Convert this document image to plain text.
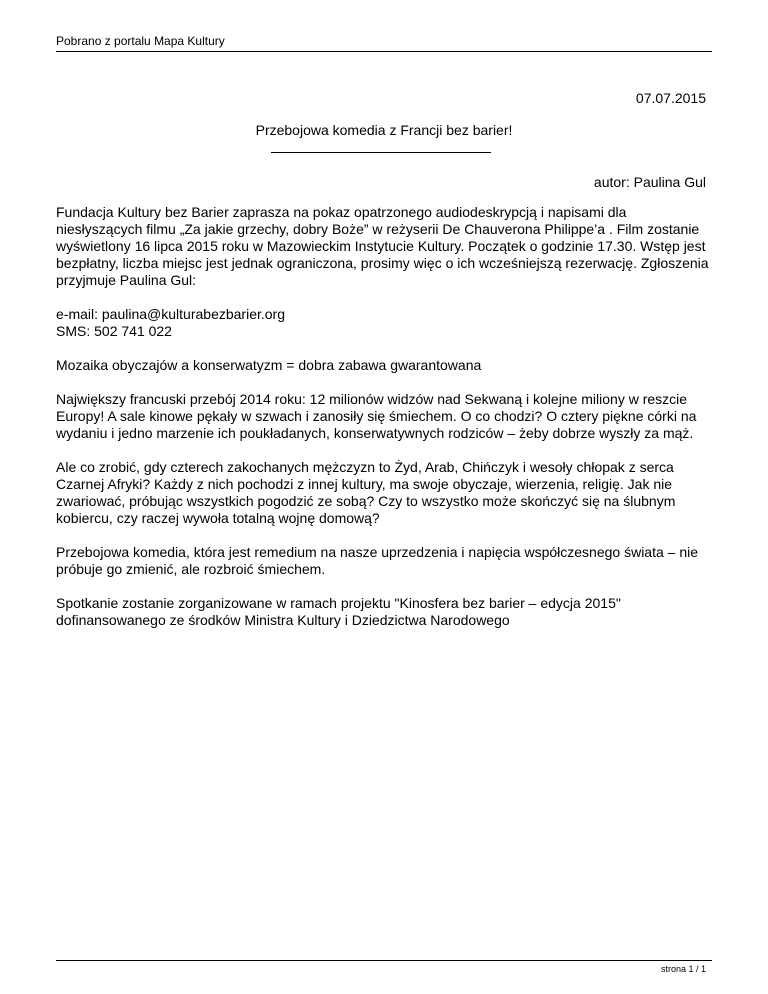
Pobrano z portalu Mapa Kultury
07.07.2015
Przebojowa komedia z Francji bez barier!
autor: Paulina Gul

Fundacja Kultury bez Barier zaprasza na pokaz opatrzonego audiodeskrypcją i napisami dla niesłyszących filmu „Za jakie grzechy, dobry Boże” w reżyserii De Chauverona Philippe’a . Film zostanie wyświetlony 16 lipca 2015 roku w Mazowieckim Instytucie Kultury. Początek o godzinie 17.30. Wstęp jest bezpłatny, liczba miejsc jest jednak ograniczona, prosimy więc o ich wcześniejszą rezerwację. Zgłoszenia przyjmuje Paulina Gul:

e-mail: paulina@kulturabezbarier.org
SMS: 502 741 022

Mozaika obyczajów a konserwatyzm = dobra zabawa gwarantowana

Największy francuski przebój 2014 roku: 12 milionów widzów nad Sekwaną i kolejne miliony w reszcie Europy! A sale kinowe pękały w szwach i zanosiły się śmiechem. O co chodzi? O cztery piękne córki na wydaniu i jedno marzenie ich poukładanych, konserwatywnych rodziców – żeby dobrze wyszły za mąż.

Ale co zrobić, gdy czterech zakochanych mężczyzn to Żyd, Arab, Chińczyk i wesoły chłopak z serca Czarnej Afryki? Każdy z nich pochodzi z innej kultury, ma swoje obyczaje, wierzenia, religię. Jak nie zwariować, próbując wszystkich pogodzić ze sobą? Czy to wszystko może skończyć się na ślubnym kobiercu, czy raczej wywoła totalną wojnę domową?

Przebojowa komedia, która jest remedium na nasze uprzedzenia i napięcia współczesnego świata – nie próbuje go zmienić, ale rozbroić śmiechem.

Spotkanie zostanie zorganizowane w ramach projektu "Kinosfera bez barier – edycja 2015" dofinansowanego ze środków Ministra Kultury i Dziedzictwa Narodowego

strona 1 / 1
